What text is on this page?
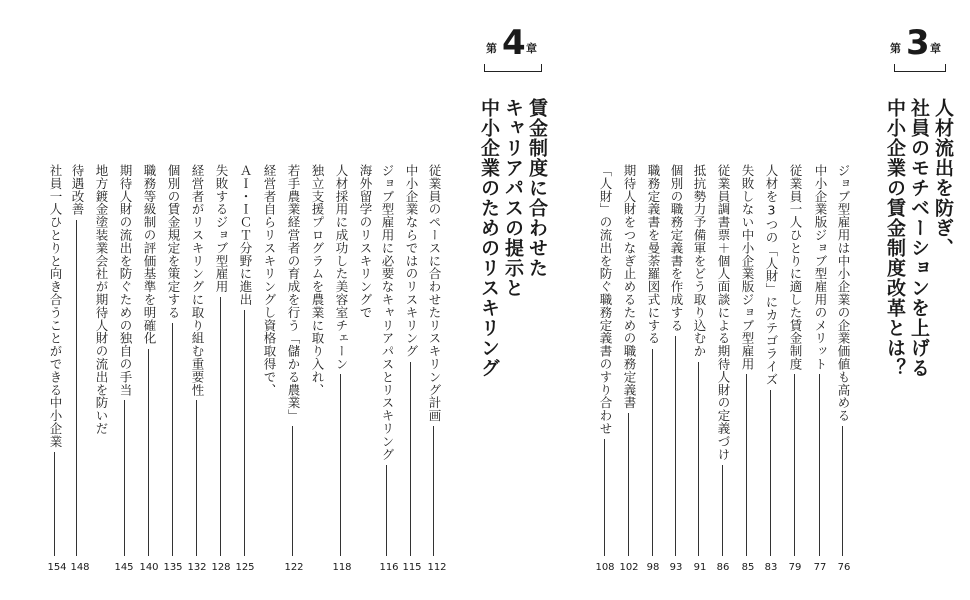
第 3 章
人材流出を防ぎ、
社員のモチベーションを上げる
中小企業の賃金制度改革とは？
ジョブ型雇用は中小企業の企業価値も高める
中小企業版ジョブ型雇用のメリット
従業員一人ひとりに適した賃金制度
人材を3つの「人財」にカテゴライズ
失敗しない中小企業版ジョブ型雇用
従業員調書票＋個人面談による期待人財の定義づけ
抵抗勢力予備軍をどう取り込むか
個別の職務定義書を作成する
職務定義書を曼荼羅図式にする
期待人財をつなぎ止めるための職務定義書
「人財」の流出を防ぐ職務定義書のすり合わせ
第 4 章
賃金制度に合わせた
キャリアパスの提示と
中小企業のためのリスキリング
従業員のペースに合わせたリスキリング計画
中小企業ならではのリスキリング
ジョブ型雇用に必要なキャリアパスとリスキリング
海外留学のリスキリングで
人材採用に成功した美容室チェーン
独立支援プログラムを農業に取り入れ、
若手農業経営者の育成を行う「儲かる農業」
経営者自らリスキリングし資格取得で、
ＡＩ・ＩＣＴ分野に進出
失敗するジョブ型雇用
経営者がリスキリングに取り組む重要性
個別の賃金規定を策定する
職務等級制の評価基準を明確化
期待人財の流出を防ぐための独自の手当
地方鍍金塗装業会社が期待人財の流出を防いだ
待遇改善
社員一人ひとりと向き合うことができる中小企業
76
77
79
83
85
86
91
93
98
102
108
112
115
116
118
122
125
128
132
135
140
145
148
154
